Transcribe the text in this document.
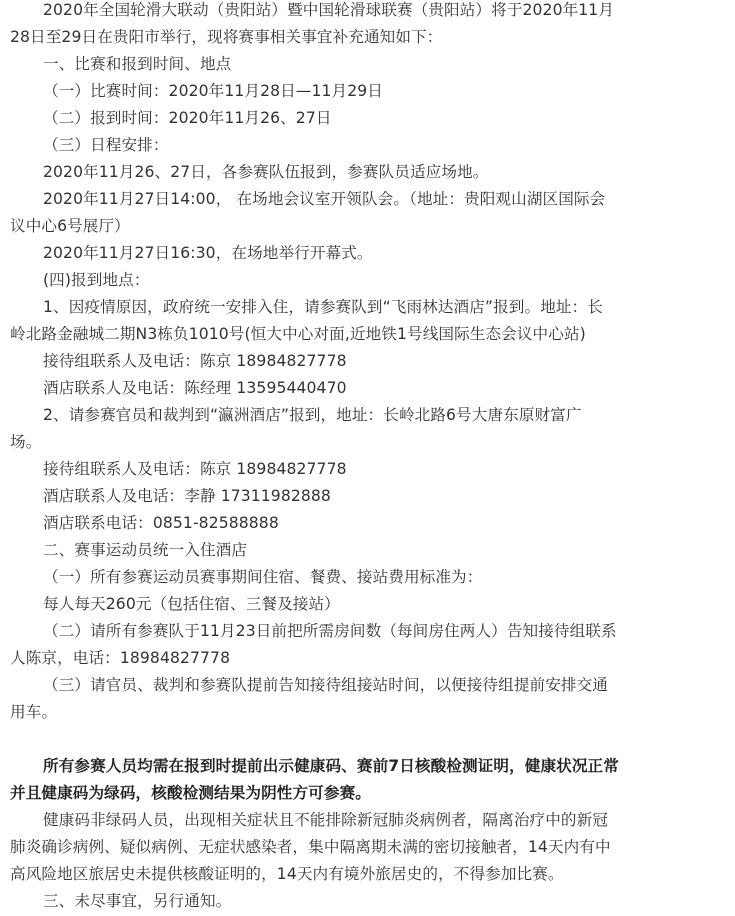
2020年全国轮滑大联动（贵阳站）暨中国轮滑球联赛（贵阳站）将于2020年11月
28日至29日在贵阳市举行，现将赛事相关事宜补充通知如下：
一、比赛和报到时间、地点
（一）比赛时间：2020年11月28日—11月29日
（二）报到时间：2020年11月26、27日
（三）日程安排：
2020年11月26、27日，各参赛队伍报到，参赛队员适应场地。
2020年11月27日14:00， 在场地会议室开领队会。（地址：贵阳观山湖区国际会
议中心6号展厅）
2020年11月27日16:30，在场地举行开幕式。
(四)报到地点：
1、因疫情原因，政府统一安排入住，请参赛队到“飞雨林达酒店”报到。地址：长
岭北路金融城二期N3栋负1010号(恒大中心对面,近地铁1号线国际生态会议中心站)
接待组联系人及电话：陈京 18984827778
酒店联系人及电话：陈经理 13595440470
2、请参赛官员和裁判到“瀛洲酒店”报到，地址：长岭北路6号大唐东原财富广
场。
接待组联系人及电话：陈京 18984827778
酒店联系人及电话：李静 17311982888
酒店联系电话：0851-82588888
二、赛事运动员统一入住酒店
（一）所有参赛运动员赛事期间住宿、餐费、接站费用标准为：
每人每天260元（包括住宿、三餐及接站）
（二）请所有参赛队于11月23日前把所需房间数（每间房住两人）告知接待组联系
人陈京，电话：18984827778
（三）请官员、裁判和参赛队提前告知接待组接站时间，以便接待组提前安排交通
用车。
所有参赛人员均需在报到时提前出示健康码、赛前7日核酸检测证明，健康状况正常
并且健康码为绿码，核酸检测结果为阴性方可参赛。
健康码非绿码人员，出现相关症状且不能排除新冠肺炎病例者，隔离治疗中的新冠
肺炎确诊病例、疑似病例、无症状感染者，集中隔离期未满的密切接触者，14天内有中
高风险地区旅居史未提供核酸证明的，14天内有境外旅居史的，不得参加比赛。
三、未尽事宜，另行通知。
